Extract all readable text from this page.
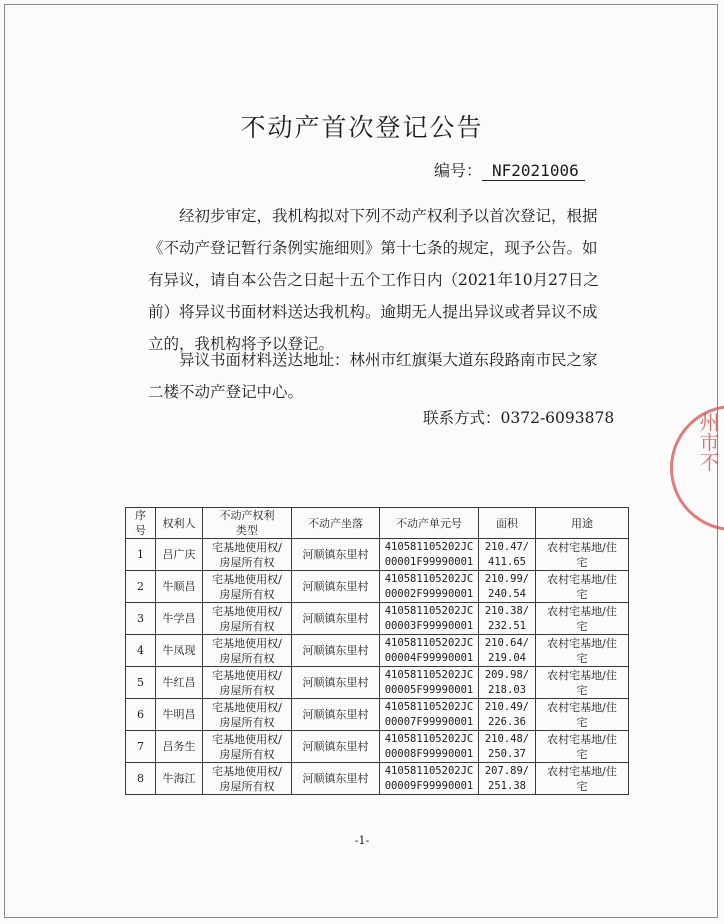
州市不
不动产首次登记公告
编号： NF2021006

经初步审定，我机构拟对下列不动产权利予以首次登记，根据《不动产登记暂行条例实施细则》第十七条的规定，现予公告。如有异议，请自本公告之日起十五个工作日内（2021年10月27日之前）将异议书面材料送达我机构。逾期无人提出异议或者异议不成立的，我机构将予以登记。

异议书面材料送达地址：林州市红旗渠大道东段路南市民之家二楼不动产登记中心。

联系方式：0372-6093878
序号	权利人	不动产权利类型	不动产坐落	不动产单元号	面积	用途
1	吕广庆	宅基地使用权/房屋所有权	河顺镇东里村	410581105202JC00001F99990001	210.47/411.65	农村宅基地/住宅
2	牛顺昌	宅基地使用权/房屋所有权	河顺镇东里村	410581105202JC00002F99990001	210.99/240.54	农村宅基地/住宅
3	牛学昌	宅基地使用权/房屋所有权	河顺镇东里村	410581105202JC00003F99990001	210.38/232.51	农村宅基地/住宅
4	牛凤现	宅基地使用权/房屋所有权	河顺镇东里村	410581105202JC00004F99990001	210.64/219.04	农村宅基地/住宅
5	牛红昌	宅基地使用权/房屋所有权	河顺镇东里村	410581105202JC00005F99990001	209.98/218.03	农村宅基地/住宅
6	牛明昌	宅基地使用权/房屋所有权	河顺镇东里村	410581105202JC00007F99990001	210.49/226.36	农村宅基地/住宅
7	吕务生	宅基地使用权/房屋所有权	河顺镇东里村	410581105202JC00008F99990001	210.48/250.37	农村宅基地/住宅
8	牛海江	宅基地使用权/房屋所有权	河顺镇东里村	410581105202JC00009F99990001	207.89/251.38	农村宅基地/住宅
-1-
